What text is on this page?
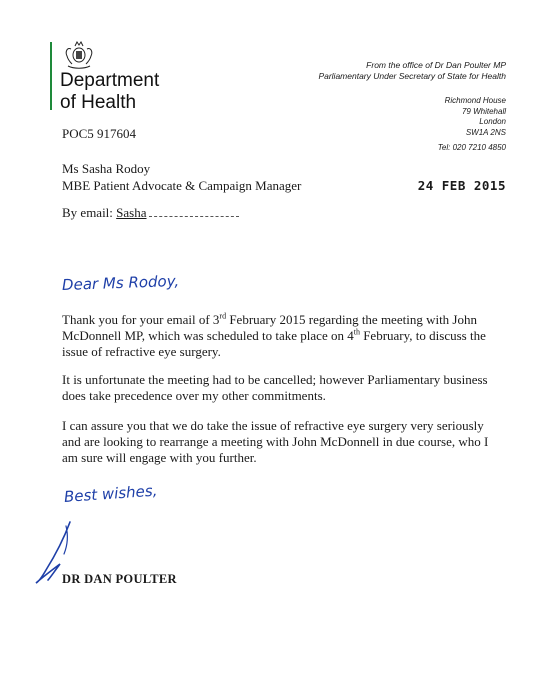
Department
of Health
From the office of Dr Dan Poulter MP
Parliamentary Under Secretary of State for Health
Richmond House
79 Whitehall
London
SW1A 2NS
Tel: 020 7210 4850
POC5 917604
Ms Sasha Rodoy
MBE Patient Advocate & Campaign Manager	24 FEB 2015
By email: Sasha
Dear Ms Rodoy,
Thank you for your email of 3rd February 2015 regarding the meeting with John McDonnell MP, which was scheduled to take place on 4th February, to discuss the issue of refractive eye surgery.
It is unfortunate the meeting had to be cancelled; however Parliamentary business does take precedence over my other commitments.
I can assure you that we do take the issue of refractive eye surgery very seriously and are looking to rearrange a meeting with John McDonnell in due course, who I am sure will engage with you further.
Best wishes,
DR DAN POULTER
